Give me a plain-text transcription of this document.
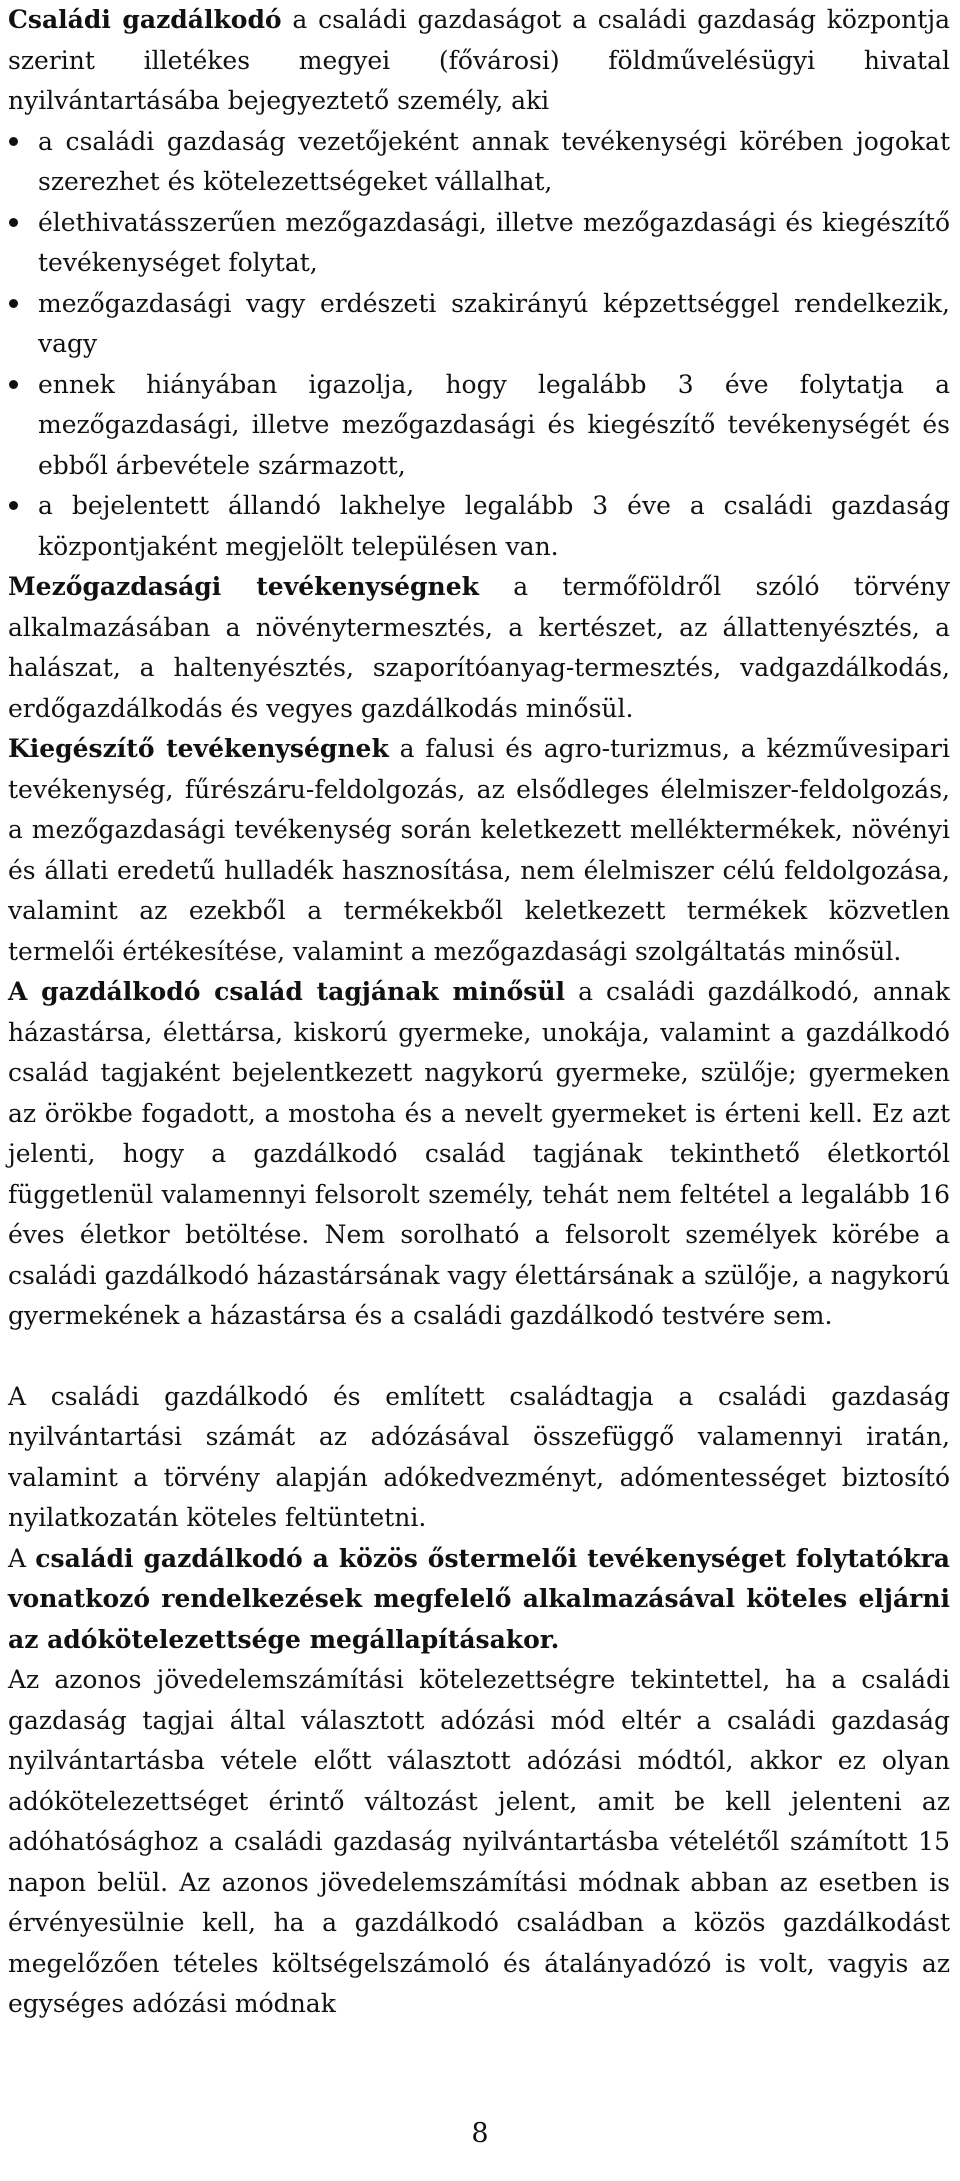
Családi gazdálkodó a családi gazdaságot a családi gazdaság központja szerint illetékes megyei (fővárosi) földművelésügyi hivatal nyilvántartásába bejegyeztető személy, aki

a családi gazdaság vezetőjeként annak tevékenységi körében jogokat szerezhet és kötelezettségeket vállalhat,
élethivatásszerűen mezőgazdasági, illetve mezőgazdasági és kiegészítő tevékenységet folytat,
mezőgazdasági vagy erdészeti szakirányú képzettséggel rendelkezik, vagy
ennek hiányában igazolja, hogy legalább 3 éve folytatja a mezőgazdasági, illetve mezőgazdasági és kiegészítő tevékenységét és ebből árbevétele származott,
a bejelentett állandó lakhelye legalább 3 éve a családi gazdaság központjaként megjelölt településen van.

Mezőgazdasági tevékenységnek a termőföldről szóló törvény alkalmazásában a növénytermesztés, a kertészet, az állattenyésztés, a halászat, a haltenyésztés, szaporítóanyag-termesztés, vadgazdálkodás, erdőgazdálkodás és vegyes gazdálkodás minősül.

Kiegészítő tevékenységnek a falusi és agro-turizmus, a kézművesipari tevékenység, fűrészáru-feldolgozás, az elsődleges élelmiszer-feldolgozás, a mezőgazdasági tevékenység során keletkezett melléktermékek, növényi és állati eredetű hulladék hasznosítása, nem élelmiszer célú feldolgozása, valamint az ezekből a termékekből keletkezett termékek közvetlen termelői értékesítése, valamint a mezőgazdasági szolgáltatás minősül.

A gazdálkodó család tagjának minősül a családi gazdálkodó, annak házastársa, élettársa, kiskorú gyermeke, unokája, valamint a gazdálkodó család tagjaként bejelentkezett nagykorú gyermeke, szülője; gyermeken az örökbe fogadott, a mostoha és a nevelt gyermeket is érteni kell. Ez azt jelenti, hogy a gazdálkodó család tagjának tekinthető életkortól függetlenül valamennyi felsorolt személy, tehát nem feltétel a legalább 16 éves életkor betöltése. Nem sorolható a felsorolt személyek körébe a családi gazdálkodó házastársának vagy élettársának a szülője, a nagykorú gyermekének a házastársa és a családi gazdálkodó testvére sem.

A családi gazdálkodó és említett családtagja a családi gazdaság nyilvántartási számát az adózásával összefüggő valamennyi iratán, valamint a törvény alapján adókedvezményt, adómentességet biztosító nyilatkozatán köteles feltüntetni.

A családi gazdálkodó a közös őstermelői tevékenységet folytatókra vonatkozó rendelkezések megfelelő alkalmazásával köteles eljárni az adókötelezettsége megállapításakor.

Az azonos jövedelemszámítási kötelezettségre tekintettel, ha a családi gazdaság tagjai által választott adózási mód eltér a családi gazdaság nyilvántartásba vétele előtt választott adózási módtól, akkor ez olyan adókötelezettséget érintő változást jelent, amit be kell jelenteni az adóhatósághoz a családi gazdaság nyilvántartásba vételétől számított 15 napon belül. Az azonos jövedelemszámítási módnak abban az esetben is érvényesülnie kell, ha a gazdálkodó családban a közös gazdálkodást megelőzően tételes költségelszámoló és átalányadózó is volt, vagyis az egységes adózási módnak

8
